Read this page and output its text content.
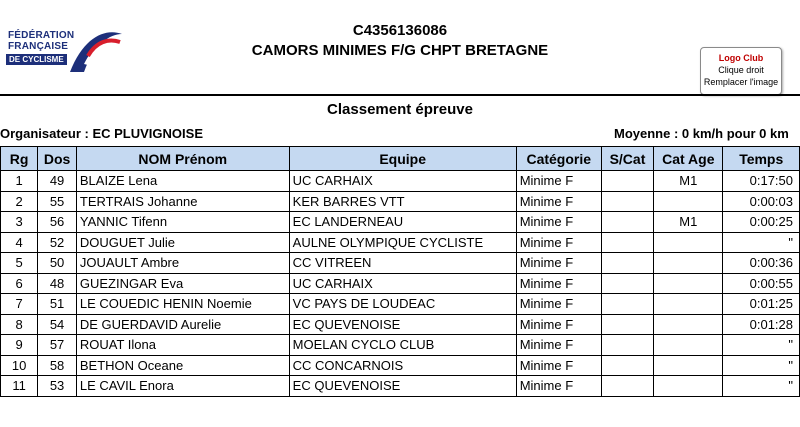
FÉDÉRATION
FRANÇAISE
DE CYCLISME
C4356136086
CAMORS MINIMES F/G CHPT BRETAGNE	Logo Club
Clique droit
Remplacer l'image
Classement épreuve
Organisateur : EC PLUVIGNOISE	Moyenne : 0 km/h pour 0 km
Rg	Dos	NOM Prénom	Equipe	Catégorie	S/Cat	Cat Age	Temps
1	49	BLAIZE Lena	UC CARHAIX	Minime F		M1	0:17:50
2	55	TERTRAIS Johanne	KER BARRES VTT	Minime F			0:00:03
3	56	YANNIC Tifenn	EC LANDERNEAU	Minime F		M1	0:00:25
4	52	DOUGUET Julie	AULNE OLYMPIQUE CYCLISTE	Minime F			"
5	50	JOUAULT Ambre	CC VITREEN	Minime F			0:00:36
6	48	GUEZINGAR Eva	UC CARHAIX	Minime F			0:00:55
7	51	LE COUEDIC HENIN Noemie	VC PAYS DE LOUDEAC	Minime F			0:01:25
8	54	DE GUERDAVID Aurelie	EC QUEVENOISE	Minime F			0:01:28
9	57	ROUAT Ilona	MOELAN CYCLO CLUB	Minime F			"
10	58	BETHON Oceane	CC CONCARNOIS	Minime F			"
11	53	LE CAVIL Enora	EC QUEVENOISE	Minime F			"
